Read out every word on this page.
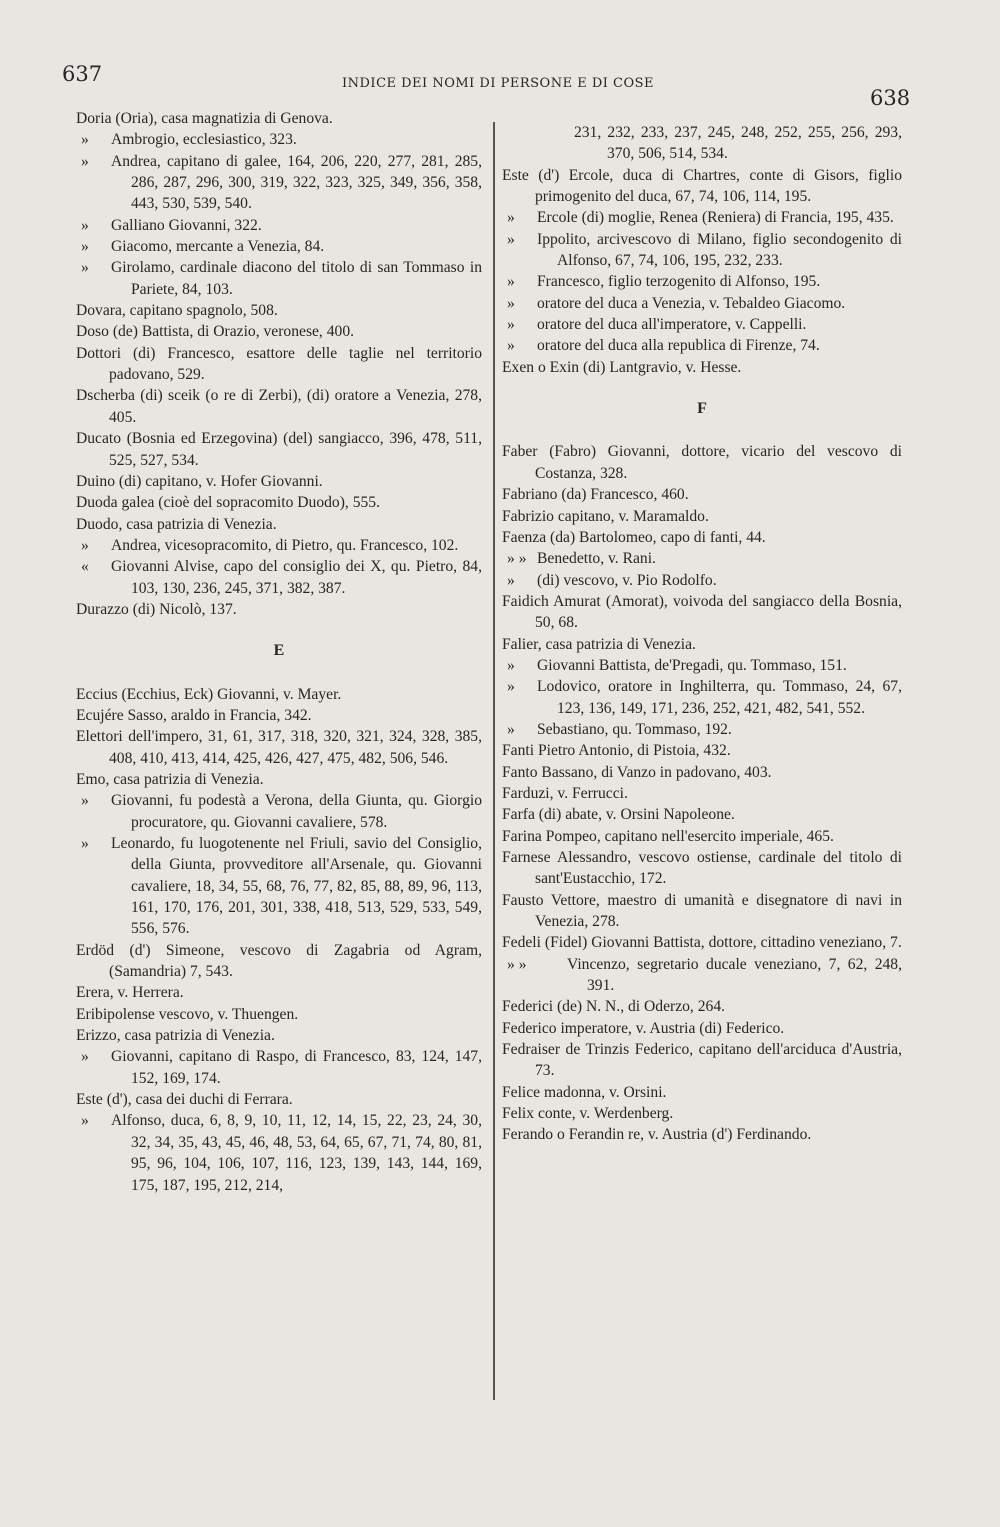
637	INDICE DEI NOMI DI PERSONE E DI COSE
638
Doria (Oria), casa magnatizia di Genova.
» Ambrogio, ecclesiastico, 323.
» Andrea, capitano di galee, 164, 206, 220, 277, 281, 285, 286, 287, 296, 300, 319, 322, 323, 325, 349, 356, 358, 443, 530, 539, 540.
» Galliano Giovanni, 322.
» Giacomo, mercante a Venezia, 84.
» Girolamo, cardinale diacono del titolo di san Tommaso in Pariete, 84, 103.
Dovara, capitano spagnolo, 508.
Doso (de) Battista, di Orazio, veronese, 400.
Dottori (di) Francesco, esattore delle taglie nel territorio padovano, 529.
Dscherba (di) sceik (o re di Zerbi), (di) oratore a Venezia, 278, 405.
Ducato (Bosnia ed Erzegovina) (del) sangiacco, 396, 478, 511, 525, 527, 534.
Duino (di) capitano, v. Hofer Giovanni.
Duoda galea (cioè del sopracomito Duodo), 555.
Duodo, casa patrizia di Venezia.
» Andrea, vicesopracomito, di Pietro, qu. Francesco, 102.
« Giovanni Alvise, capo del consiglio dei X, qu. Pietro, 84, 103, 130, 236, 245, 371, 382, 387.
Durazzo (di) Nicolò, 137.
E
Eccius (Ecchius, Eck) Giovanni, v. Mayer.
Ecujére Sasso, araldo in Francia, 342.
Elettori dell'impero, 31, 61, 317, 318, 320, 321, 324, 328, 385, 408, 410, 413, 414, 425, 426, 427, 475, 482, 506, 546.
Emo, casa patrizia di Venezia.
» Giovanni, fu podestà a Verona, della Giunta, qu. Giorgio procuratore, qu. Giovanni cavaliere, 578.
» Leonardo, fu luogotenente nel Friuli, savio del Consiglio, della Giunta, provveditore all'Arsenale, qu. Giovanni cavaliere, 18, 34, 55, 68, 76, 77, 82, 85, 88, 89, 96, 113, 161, 170, 176, 201, 301, 338, 418, 513, 529, 533, 549, 556, 576.
Erdöd (d') Simeone, vescovo di Zagabria od Agram, (Samandria) 7, 543.
Erera, v. Herrera.
Eribipolense vescovo, v. Thuengen.
Erizzo, casa patrizia di Venezia.
» Giovanni, capitano di Raspo, di Francesco, 83, 124, 147, 152, 169, 174.
Este (d'), casa dei duchi di Ferrara.
» Alfonso, duca, 6, 8, 9, 10, 11, 12, 14, 15, 22, 23, 24, 30, 32, 34, 35, 43, 45, 46, 48, 53, 64, 65, 67, 71, 74, 80, 81, 95, 96, 104, 106, 107, 116, 123, 139, 143, 144, 169, 175, 187, 195, 212, 214,
231, 232, 233, 237, 245, 248, 252, 255, 256, 293, 370, 506, 514, 534.
Este (d') Ercole, duca di Chartres, conte di Gisors, figlio primogenito del duca, 67, 74, 106, 114, 195.
» Ercole (di) moglie, Renea (Reniera) di Francia, 195, 435.
» Ippolito, arcivescovo di Milano, figlio secondogenito di Alfonso, 67, 74, 106, 195, 232, 233.
» Francesco, figlio terzogenito di Alfonso, 195.
» oratore del duca a Venezia, v. Tebaldeo Giacomo.
» oratore del duca all'imperatore, v. Cappelli.
» oratore del duca alla republica di Firenze, 74.
Exen o Exin (di) Lantgravio, v. Hesse.
F
Faber (Fabro) Giovanni, dottore, vicario del vescovo di Costanza, 328.
Fabriano (da) Francesco, 460.
Fabrizio capitano, v. Maramaldo.
Faenza (da) Bartolomeo, capo di fanti, 44.
» » Benedetto, v. Rani.
» (di) vescovo, v. Pio Rodolfo.
Faidich Amurat (Amorat), voivoda del sangiacco della Bosnia, 50, 68.
Falier, casa patrizia di Venezia.
» Giovanni Battista, de'Pregadi, qu. Tommaso, 151.
» Lodovico, oratore in Inghilterra, qu. Tommaso, 24, 67, 123, 136, 149, 171, 236, 252, 421, 482, 541, 552.
» Sebastiano, qu. Tommaso, 192.
Fanti Pietro Antonio, di Pistoia, 432.
Fanto Bassano, di Vanzo in padovano, 403.
Farduzi, v. Ferrucci.
Farfa (di) abate, v. Orsini Napoleone.
Farina Pompeo, capitano nell'esercito imperiale, 465.
Farnese Alessandro, vescovo ostiense, cardinale del titolo di sant'Eustacchio, 172.
Fausto Vettore, maestro di umanità e disegnatore di navi in Venezia, 278.
Fedeli (Fidel) Giovanni Battista, dottore, cittadino veneziano, 7.
» »	Vincenzo, segretario ducale veneziano, 7, 62, 248, 391.
Federici (de) N. N., di Oderzo, 264.
Federico imperatore, v. Austria (di) Federico.
Fedraiser de Trinzis Federico, capitano dell'arciduca d'Austria, 73.
Felice madonna, v. Orsini.
Felix conte, v. Werdenberg.
Ferando o Ferandin re, v. Austria (d') Ferdinando.
